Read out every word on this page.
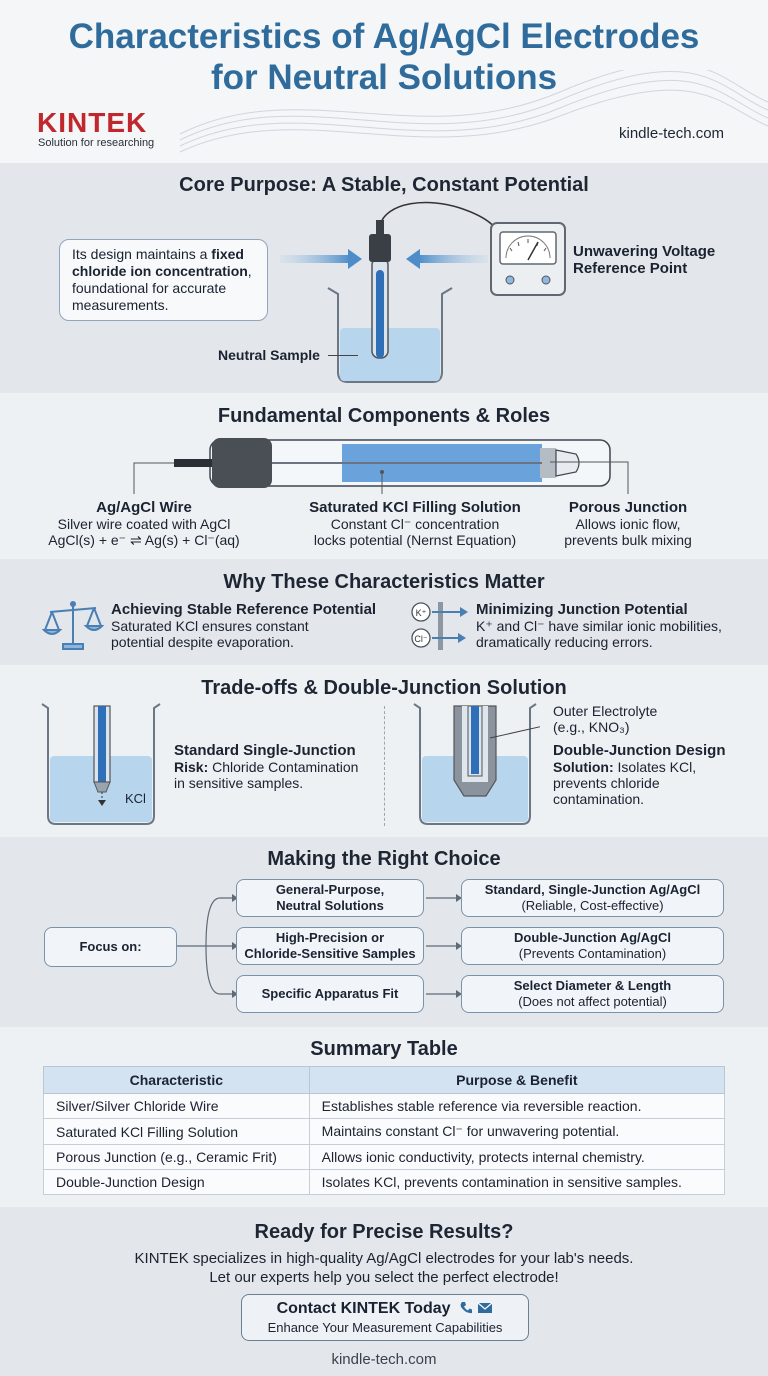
Characteristics of Ag/AgCl Electrodes
for Neutral Solutions
KINTEK
Solution for researching
kindle-tech.com
Core Purpose: A Stable, Constant Potential
Its design maintains a fixed chloride ion concentration, foundational for accurate measurements.
Neutral Sample
Unwavering Voltage
Reference Point
Fundamental Components & Roles
Ag/AgCl Wire
Silver wire coated with AgCl
AgCl(s) + e⁻ ⇌ Ag(s) + Cl⁻(aq)
Saturated KCl Filling Solution
Constant Cl⁻ concentration
locks potential (Nernst Equation)
Porous Junction
Allows ionic flow,
prevents bulk mixing
Why These Characteristics Matter
Achieving Stable Reference Potential
Saturated KCl ensures constant
potential despite evaporation.
K⁺
Cl⁻
Minimizing Junction Potential
K⁺ and Cl⁻ have similar ionic mobilities,
dramatically reducing errors.
Trade-offs & Double-Junction Solution
KCl
Standard Single-Junction
Risk: Chloride Contamination
in sensitive samples.
Outer Electrolyte
(e.g., KNO₃)
Double-Junction Design
Solution: Isolates KCl,
prevents chloride
contamination.
Making the Right Choice
Focus on:
General-Purpose,
Neutral Solutions
High-Precision or
Chloride-Sensitive Samples
Specific Apparatus Fit
Standard, Single-Junction Ag/AgCl
(Reliable, Cost-effective)
Double-Junction Ag/AgCl
(Prevents Contamination)
Select Diameter & Length
(Does not affect potential)
Summary Table
Characteristic	Purpose & Benefit
Silver/Silver Chloride Wire	Establishes stable reference via reversible reaction.
Saturated KCl Filling Solution	Maintains constant Cl⁻ for unwavering potential.
Porous Junction (e.g., Ceramic Frit)	Allows ionic conductivity, protects internal chemistry.
Double-Junction Design	Isolates KCl, prevents contamination in sensitive samples.
Ready for Precise Results?
KINTEK specializes in high-quality Ag/AgCl electrodes for your lab's needs.
Let our experts help you select the perfect electrode!
Contact KINTEK Today
Enhance Your Measurement Capabilities
kindle-tech.com
